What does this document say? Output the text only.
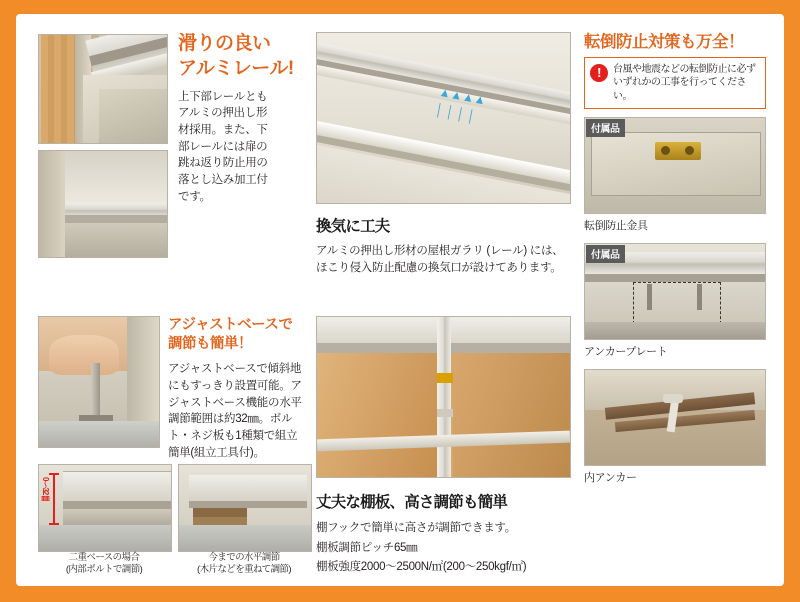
滑りの良い
アルミレール!
上下部レールともアルミの押出し形材採用。また、下部レールには扉の跳ね返り防止用の落とし込み加工付です。
▲▲▲▲
│ │ │ │
換気に工夫
アルミの押出し形材の屋根ガラリ (レール) には、ほこり侵入防止配慮の換気口が設けてあります。
転倒防止対策も万全！
!	台風や地震などの転倒防止に必ずいずれかの工事を行ってください。
付属品
転倒防止金具
付属品
アンカープレート
内アンカー
アジャストベースで
調節も簡単！
アジャストベースで傾斜地にもすっきり設置可能。アジャストベース機能の水平調節範囲は約32㎜。ボルト・ネジ板も1種類で組立簡単(組立工具付)。
0〜32㎜
二重ベースの場合
(内部ボルトで調節)
今までの水平調節
(木片などを重ねて調節)
丈夫な棚板、高さ調節も簡単
棚フックで簡単に高さが調節できます。
棚板調節ピッチ65㎜
棚板強度2000〜2500N/㎡(200〜250kgf/㎡)
